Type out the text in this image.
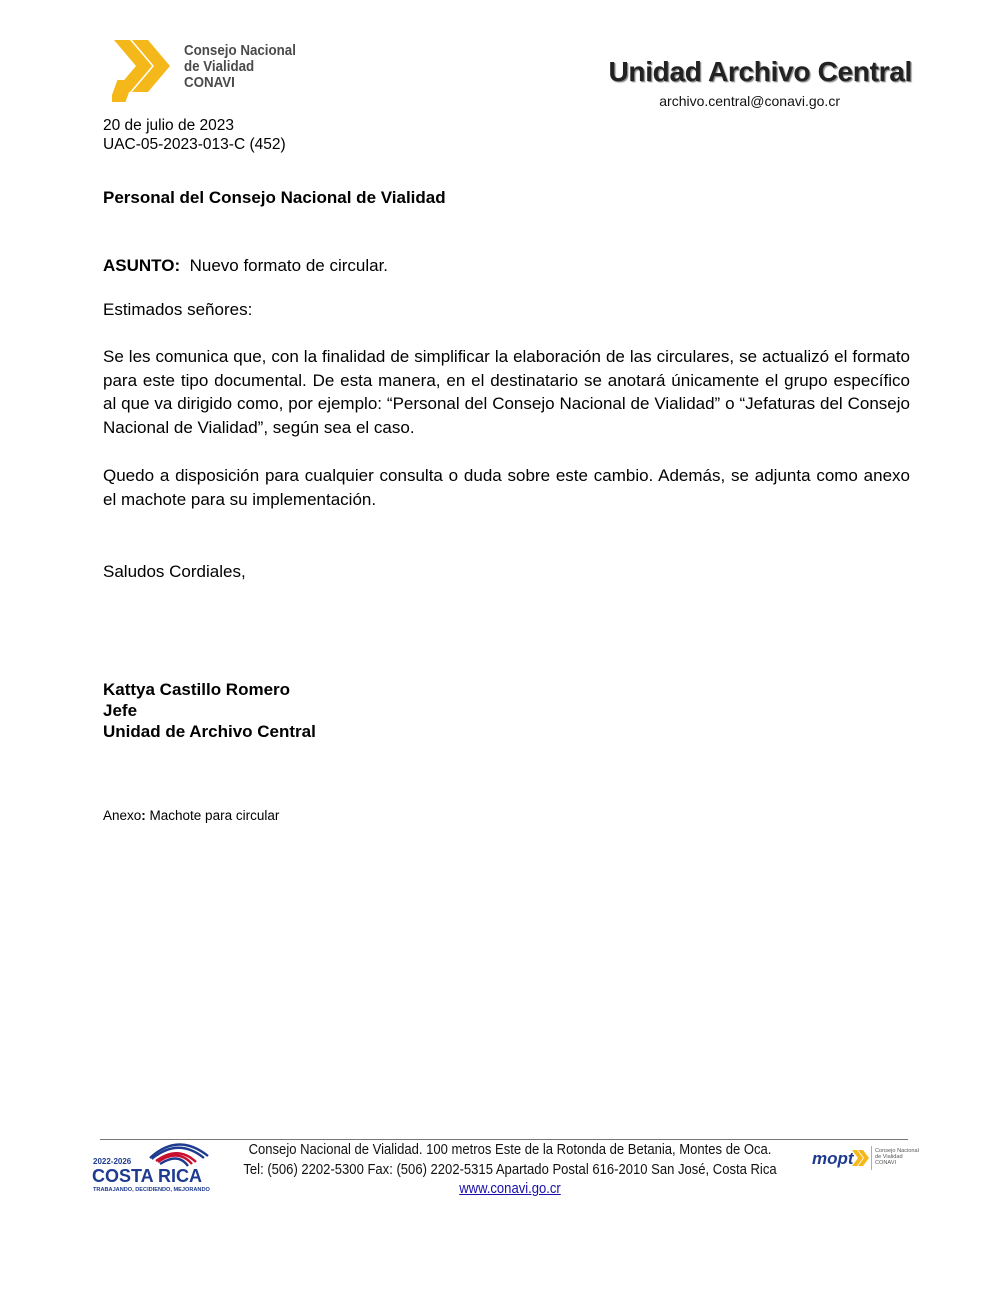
Consejo Nacional
de Vialidad
CONAVI	Unidad Archivo Central
archivo.central@conavi.go.cr
20 de julio de 2023
UAC-05-2023-013-C (452)
Personal del Consejo Nacional de Vialidad
ASUNTO: Nuevo formato de circular.
Estimados señores:
Se les comunica que, con la finalidad de simplificar la elaboración de las circulares, se actualizó el formato para este tipo documental. De esta manera, en el destinatario se anotará únicamente el grupo específico al que va dirigido como, por ejemplo: “Personal del Consejo Nacional de Vialidad” o “Jefaturas del Consejo Nacional de Vialidad”, según sea el caso.
Quedo a disposición para cualquier consulta o duda sobre este cambio. Además, se adjunta como anexo el machote para su implementación.
Saludos Cordiales,
Kattya Castillo Romero
Jefe
Unidad de Archivo Central
Anexo: Machote para circular
2022-2026
COSTA RICA
TRABAJANDO, DECIDIENDO, MEJORANDO
Consejo Nacional de Vialidad. 100 metros Este de la Rotonda de Betania, Montes de Oca.
Tel: (506) 2202-5300 Fax: (506) 2202-5315 Apartado Postal 616-2010 San José, Costa Rica
www.conavi.go.cr
mopt	Consejo Nacional
de Vialidad
CONAVI
